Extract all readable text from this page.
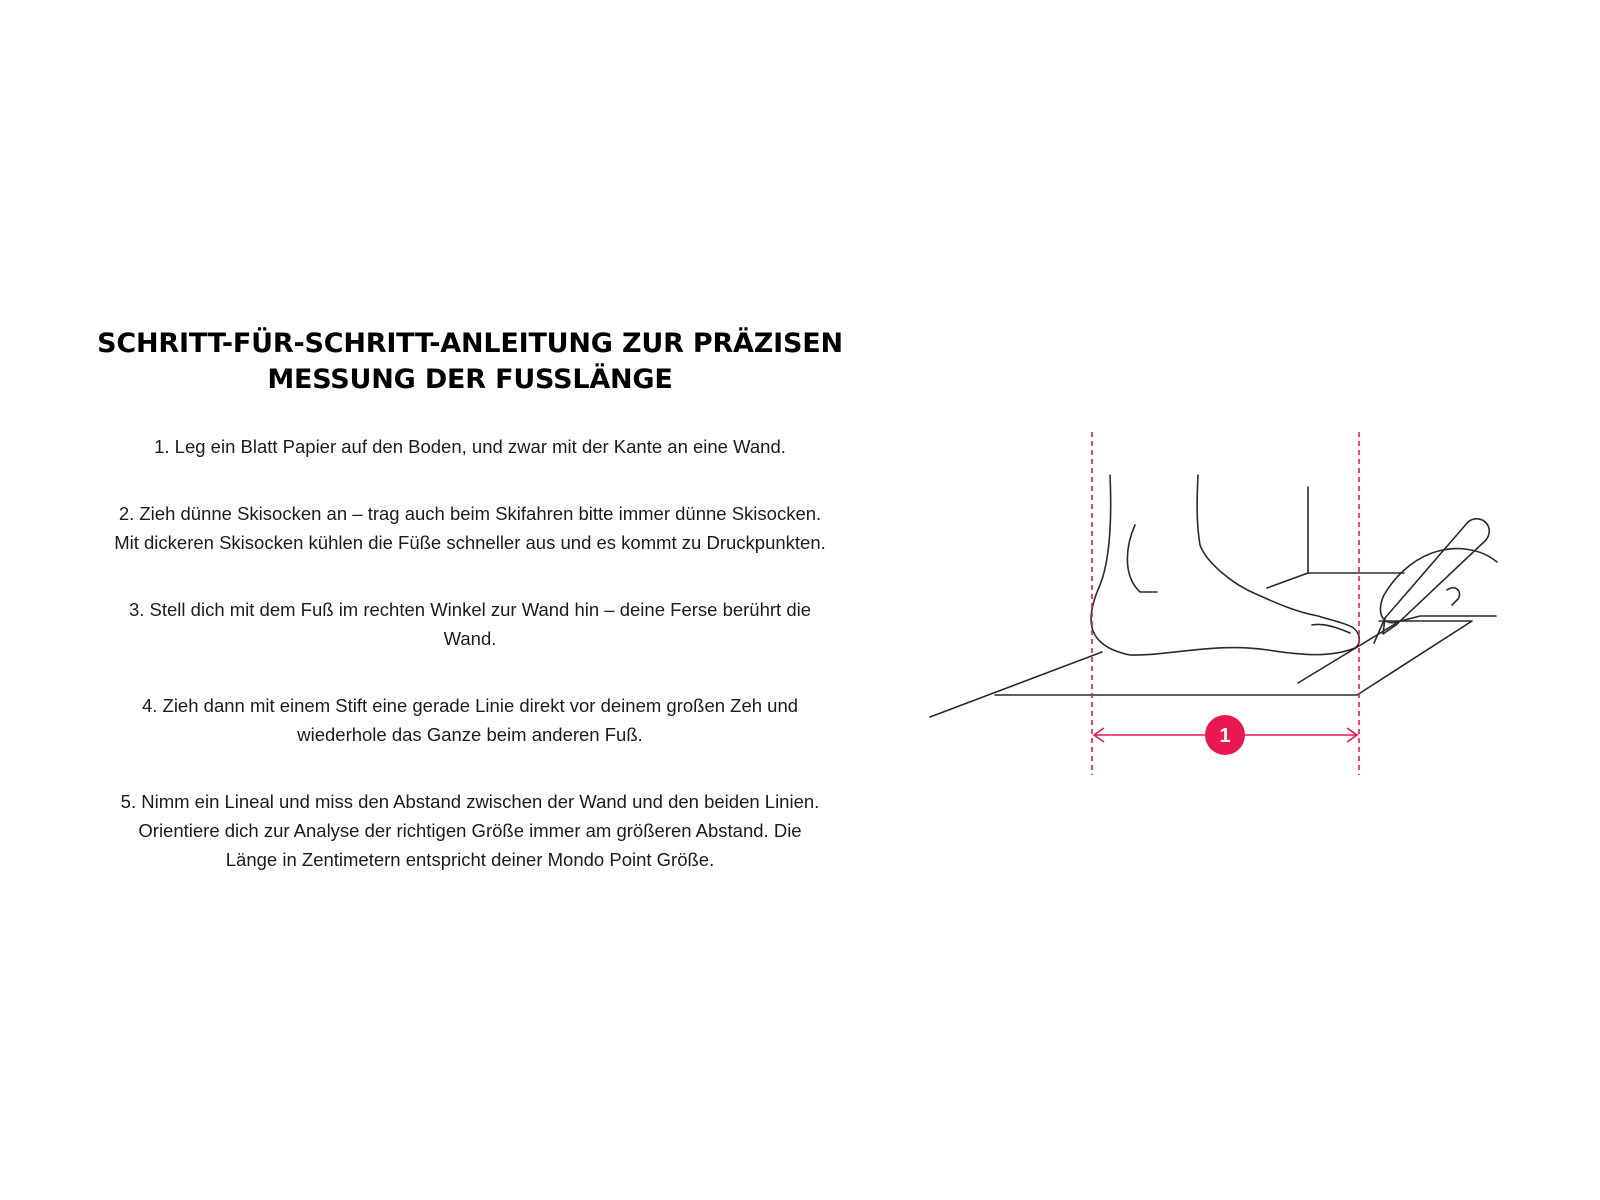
SCHRITT-FÜR-SCHRITT-ANLEITUNG ZUR PRÄZISEN
MESSUNG DER FUSSLÄNGE
1. Leg ein Blatt Papier auf den Boden, und zwar mit der Kante an eine Wand.
2. Zieh dünne Skisocken an – trag auch beim Skifahren bitte immer dünne Skisocken.
Mit dickeren Skisocken kühlen die Füße schneller aus und es kommt zu Druckpunkten.
3. Stell dich mit dem Fuß im rechten Winkel zur Wand hin – deine Ferse berührt die
Wand.
4. Zieh dann mit einem Stift eine gerade Linie direkt vor deinem großen Zeh und
wiederhole das Ganze beim anderen Fuß.
5. Nimm ein Lineal und miss den Abstand zwischen der Wand und den beiden Linien.
Orientiere dich zur Analyse der richtigen Größe immer am größeren Abstand. Die
Länge in Zentimetern entspricht deiner Mondo Point Größe.
1
